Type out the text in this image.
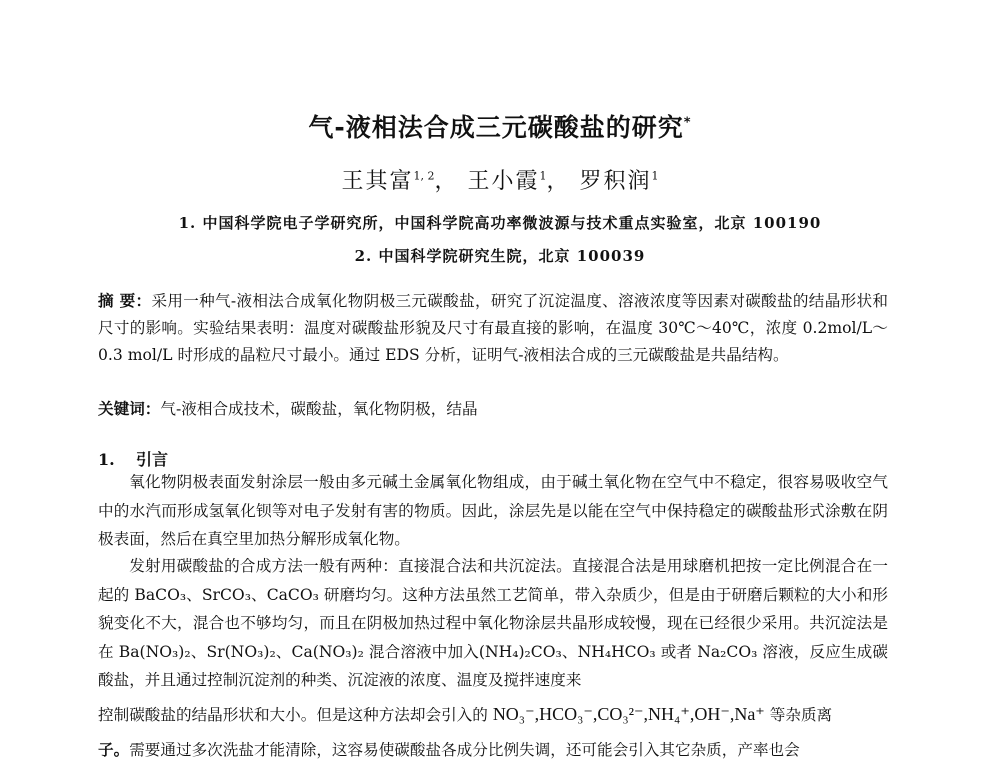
气-液相法合成三元碳酸盐的研究*
王其富$^{1, 2}$， 王小霞$^1$， 罗积润$^1$
1. 中国科学院电子学研究所，中国科学院高功率微波源与技术重点实验室，北京 100190
2. 中国科学院研究生院，北京 100039
摘 要：采用一种气-液相法合成氧化物阴极三元碳酸盐，研究了沉淀温度、溶液浓度等因素对碳酸盐的结晶形状和尺寸的影响。实验结果表明：温度对碳酸盐形貌及尺寸有最直接的影响，在温度 30℃～40℃，浓度 0.2mol/L～0.3 mol/L 时形成的晶粒尺寸最小。通过 EDS 分析，证明气-液相法合成的三元碳酸盐是共晶结构。
关键词：气-液相合成技术，碳酸盐，氧化物阴极，结晶
1. 引言

氧化物阴极表面发射涂层一般由多元碱土金属氧化物组成，由于碱土氧化物在空气中不稳定，很容易吸收空气中的水汽而形成氢氧化钡等对电子发射有害的物质。因此，涂层先是以能在空气中保持稳定的碳酸盐形式涂敷在阴极表面，然后在真空里加热分解形成氧化物。

发射用碳酸盐的合成方法一般有两种：直接混合法和共沉淀法。直接混合法是用球磨机把按一定比例混合在一起的 BaCO₃、SrCO₃、CaCO₃ 研磨均匀。这种方法虽然工艺简单，带入杂质少，但是由于研磨后颗粒的大小和形貌变化不大，混合也不够均匀，而且在阴极加热过程中氧化物涂层共晶形成较慢，现在已经很少采用。共沉淀法是在 Ba(NO₃)₂、Sr(NO₃)₂、Ca(NO₃)₂ 混合溶液中加入(NH₄)₂CO₃、NH₄HCO₃ 或者 Na₂CO₃ 溶液，反应生成碳酸盐，并且通过控制沉淀剂的种类、沉淀液的浓度、温度及搅拌速度来

控制碳酸盐的结晶形状和大小。但是这种方法却会引入的 NO₃⁻,HCO₃⁻,CO₃²⁻,NH₄⁺,OH⁻,Na⁺ 等杂质离
子。需要通过多次洗盐才能清除，这容易使碳酸盐各成分比例失调，还可能会引入其它杂质，产率也会
